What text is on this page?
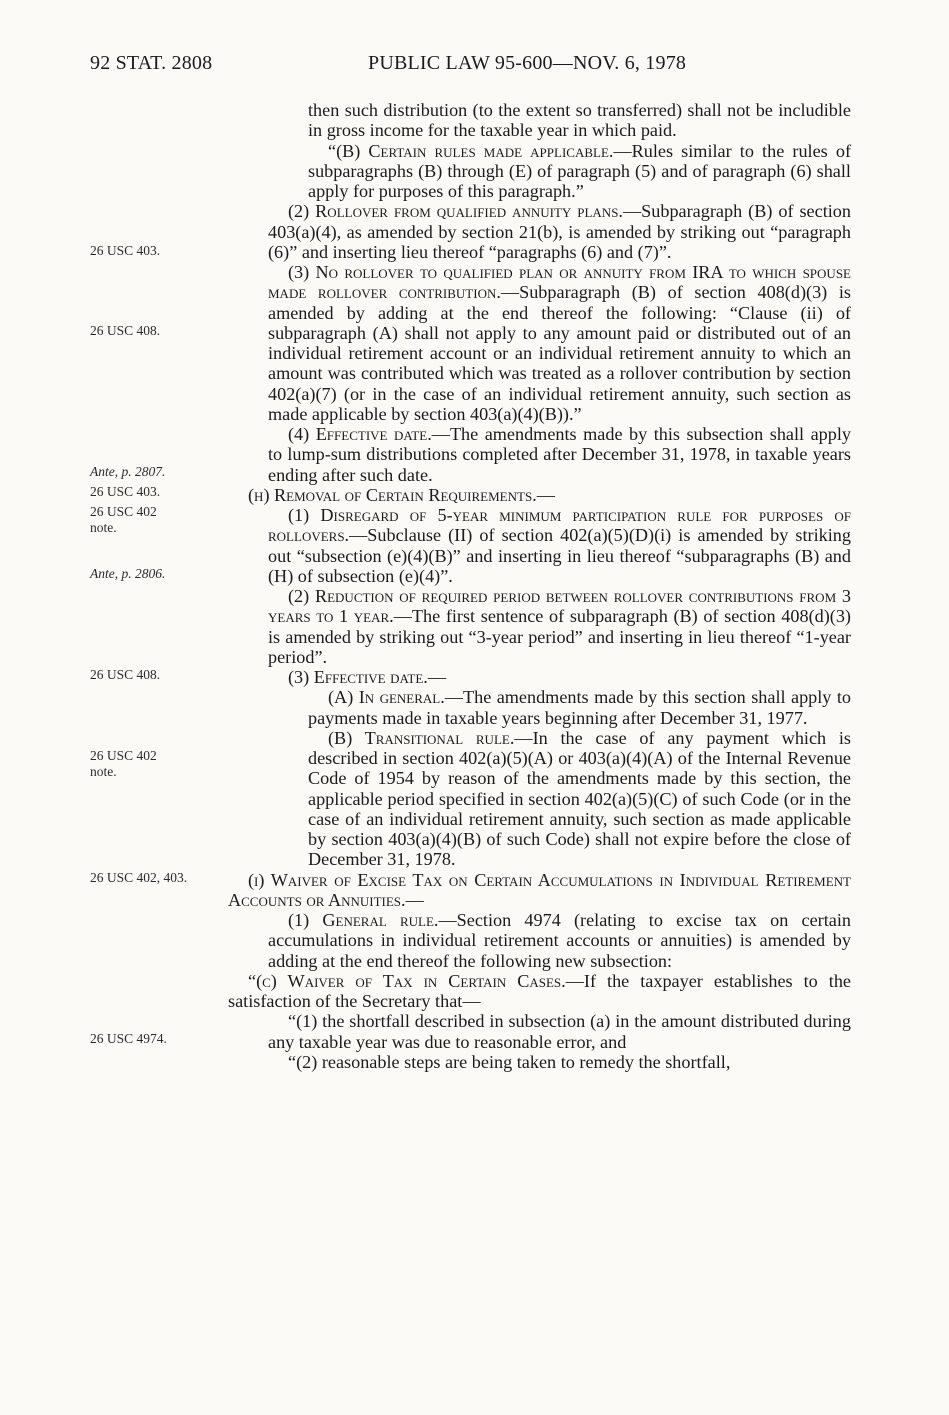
92 STAT. 2808	PUBLIC LAW 95-600—NOV. 6, 1978
26 USC 403.
26 USC 408.
Ante, p. 2807.
26 USC 403.
26 USC 402 note.
Ante, p. 2806.
26 USC 408.
26 USC 402 note.
26 USC 402, 403.
26 USC 4974.

then such distribution (to the extent so transferred) shall not be includible in gross income for the taxable year in which paid.

“(B) Certain rules made applicable.—Rules similar to the rules of subparagraphs (B) through (E) of paragraph (5) and of paragraph (6) shall apply for purposes of this paragraph.”

(2) Rollover from qualified annuity plans.—Subparagraph (B) of section 403(a)(4), as amended by section 21(b), is amended by striking out “paragraph (6)” and inserting lieu thereof “paragraphs (6) and (7)”.

(3) No rollover to qualified plan or annuity from IRA to which spouse made rollover contribution.—Subparagraph (B) of section 408(d)(3) is amended by adding at the end thereof the following: “Clause (ii) of subparagraph (A) shall not apply to any amount paid or distributed out of an individual retirement account or an individual retirement annuity to which an amount was contributed which was treated as a rollover contribution by section 402(a)(7) (or in the case of an individual retirement annuity, such section as made applicable by section 403(a)(4)(B)).”

(4) Effective date.—The amendments made by this subsection shall apply to lump-sum distributions completed after December 31, 1978, in taxable years ending after such date.

(h) Removal of Certain Requirements.—

(1) Disregard of 5-year minimum participation rule for purposes of rollovers.—Subclause (II) of section 402(a)(5)(D)(i) is amended by striking out “subsection (e)(4)(B)” and inserting in lieu thereof “subparagraphs (B) and (H) of subsection (e)(4)”.

(2) Reduction of required period between rollover contributions from 3 years to 1 year.—The first sentence of subparagraph (B) of section 408(d)(3) is amended by striking out “3-year period” and inserting in lieu thereof “1-year period”.

(3) Effective date.—

(A) In general.—The amendments made by this section shall apply to payments made in taxable years beginning after December 31, 1977.

(B) Transitional rule.—In the case of any payment which is described in section 402(a)(5)(A) or 403(a)(4)(A) of the Internal Revenue Code of 1954 by reason of the amendments made by this section, the applicable period specified in section 402(a)(5)(C) of such Code (or in the case of an individual retirement annuity, such section as made applicable by section 403(a)(4)(B) of such Code) shall not expire before the close of December 31, 1978.

(i) Waiver of Excise Tax on Certain Accumulations in Individual Retirement Accounts or Annuities.—

(1) General rule.—Section 4974 (relating to excise tax on certain accumulations in individual retirement accounts or annuities) is amended by adding at the end thereof the following new subsection:

“(c) Waiver of Tax in Certain Cases.—If the taxpayer establishes to the satisfaction of the Secretary that—

“(1) the shortfall described in subsection (a) in the amount distributed during any taxable year was due to reasonable error, and

“(2) reasonable steps are being taken to remedy the shortfall,
